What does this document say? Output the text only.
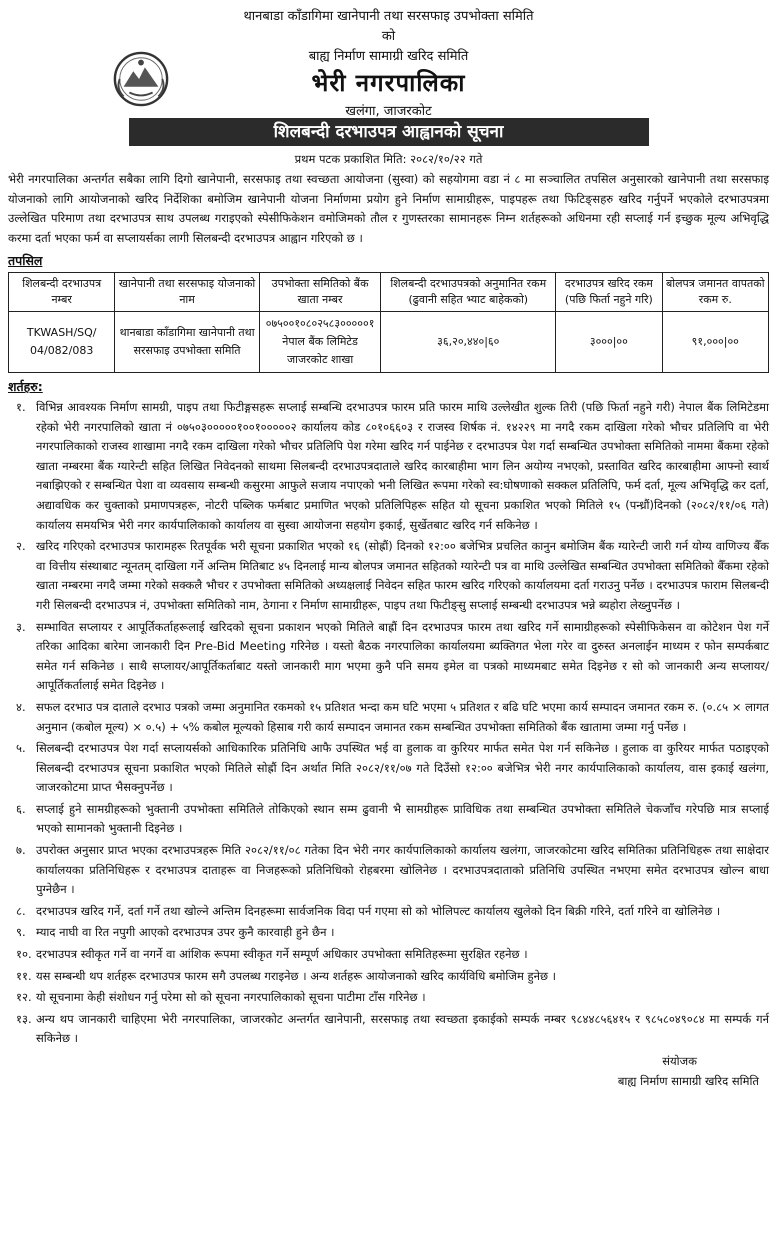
थानबाडा काँडागिमा खानेपानी तथा सरसफाइ उपभोक्ता समिति
को
बाह्य निर्माण सामाग्री खरिद समिति
भेरी नगरपालिका
खलंगा, जाजरकोट
शिलबन्दी दरभाउपत्र आह्वानको सूचना
प्रथम पटक प्रकाशित मिति: २०८२/१०/२२ गते
भेरी नगरपालिका अन्तर्गत सबैका लागि दिगो खानेपानी, सरसफाइ तथा स्वच्छता आयोजना (सुस्वा) को सहयोगमा वडा नं ८ मा सञ्चालित तपसिल अनुसारको खानेपानी तथा सरसफाइ योजनाको लागि आयोजनाको खरिद निर्देशिका बमोजिम खानेपानी योजना निर्माणमा प्रयोग हुने निर्माण सामाग्रीहरू, पाइपहरू तथा फिटिङ्सहरु खरिद गर्नुपर्ने भएकोले दरभाउपत्रमा उल्लेखित परिमाण तथा दरभाउपत्र साथ उपलब्ध गराइएको स्पेसीफिकेशन वमोजिमको तौल र गुणस्तरका सामानहरू निम्न शर्तहरूको अधिनमा रही सप्लाई गर्न इच्छुक मूल्य अभिवृद्धि करमा दर्ता भएका फर्म वा सप्लायर्सका लागी सिलबन्दी दरभाउपत्र आह्वान गरिएको छ ।
तपसिल
शिलबन्दी दरभाउपत्र नम्बर	खानेपानी तथा सरसफाइ योजनाको नाम	उपभोक्ता समितिको बैंक खाता नम्बर	शिलबन्दी दरभाउपत्रको अनुमानित रकम (ढुवानी सहित भ्याट बाहेकको)	दरभाउपत्र खरिद रकम (पछि फिर्ता नहुने गरि)	बोलपत्र जमानत वापतको रकम रु.
TKWASH/SQ/ 04/082/083	थानबाडा काँडागिमा खानेपानी तथा सरसफाइ उपभोक्ता समिति	०७५००१०८०२५८३०००००१ नेपाल बैंक लिमिटेड जाजरकोट शाखा	३६,२०,४४०|६०	३०००|००	९१,०००|००
शर्तहरु:
१. विभिन्न आवश्यक निर्माण सामग्री, पाइप तथा फिटीङ्गसहरू सप्लाई सम्बन्धि दरभाउपत्र फारम प्रति फारम माथि उल्लेखीत शुल्क तिरी (पछि फिर्ता नहुने गरी) नेपाल बैंक लिमिटेडमा रहेको भेरी नगरपालिको खाता नं ०७५०३०००००१००१०००००२ कार्यालय कोड ८०१०६६०३ र राजस्व शिर्षक नं. १४२२९ मा नगदै रकम दाखिला गरेको भौचर प्रतिलिपि वा भेरी नगरपालिकाको राजस्व शाखामा नगदै रकम दाखिला गरेको भौचर प्रतिलिपि पेश गरेमा खरिद गर्न पाईनेछ र दरभाउपत्र पेश गर्दा सम्बन्धित उपभोक्ता समितिको नाममा बैंकमा रहेको खाता नम्बरमा बैंक ग्यारेन्टी सहित लिखित निवेदनको साथमा सिलबन्दी दरभाउपत्रदाताले खरिद कारबाहीमा भाग लिन अयोग्य नभएको, प्रस्तावित खरिद कारबाहीमा आफ्नो स्वार्थ नबाझिएको र सम्बन्धित पेशा वा व्यवसाय सम्बन्धी कसुरमा आफुले सजाय नपाएको भनी लिखित रूपमा गरेको स्व:घोषणाको सक्कल प्रतिलिपि, फर्म दर्ता, मूल्य अभिवृद्धि कर दर्ता, अद्यावधिक कर चुक्ताको प्रमाणपत्रहरू, नोटरी पब्लिक फर्मबाट प्रमाणित भएको प्रतिलिपिहरू सहित यो सूचना प्रकाशित भएको मितिले १५ (पन्ध्रौं)दिनको (२०८२/११/०६ गते) कार्यालय समयभित्र भेरी नगर कार्यपालिकाको कार्यालय वा सुस्वा आयोजना सहयोग इकाई, सुर्खेतबाट खरिद गर्न सकिनेछ ।
२. खरिद गरिएको दरभाउपत्र फारामहरू रितपूर्वक भरी सूचना प्रकाशित भएको १६ (सोह्रौं) दिनको १२:०० बजेभित्र प्रचलित कानुन बमोजिम बैंक ग्यारेन्टी जारी गर्न योग्य वाणिज्य बैँक वा वित्तीय संस्थाबाट न्यूनतम् दाखिला गर्ने अन्तिम मितिबाट ४५ दिनलाई मान्य बोलपत्र जमानत सहितको ग्यारेन्टी पत्र वा माथि उल्लेखित सम्बन्धित उपभोक्ता समितिको बैँकमा रहेको खाता नम्बरमा नगदै जम्मा गरेको सक्कलै भौचर र उपभोक्ता समितिको अध्यक्षलाई निवेदन सहित फारम खरिद गरिएको कार्यालयमा दर्ता गराउनु पर्नेछ । दरभाउपत्र फाराम सिलबन्दी गरी सिलबन्दी दरभाउपत्र नं, उपभोक्ता समितिको नाम, ठेगाना र निर्माण सामाग्रीहरू, पाइप तथा फिटीङ्सु सप्लाई सम्बन्धी दरभाउपत्र भन्ने ब्यहोरा लेख्नुपर्नेछ ।
३. सम्भावित सप्लायर र आपूर्तिकर्ताहरूलाई खरिदको सूचना प्रकाशन भएको मितिले बाह्रौं दिन दरभाउपत्र फारम तथा खरिद गर्ने सामाग्रीहरूको स्पेसीफिकेसन वा कोटेशन पेश गर्ने तरिका आदिका बारेमा जानकारी दिन Pre-Bid Meeting गरिनेछ । यस्तो बैठक नगरपालिका कार्यालयमा ब्यक्तिगत भेला गरेर वा दुरुस्त अनलाईन माध्यम र फोन सम्पर्कबाट समेत गर्न सकिनेछ । साथै सप्लायर/आपूर्तिकर्ताबाट यस्तो जानकारी माग भएमा कुनै पनि समय इमेल वा पत्रको माध्यमबाट समेत दिइनेछ र सो को जानकारी अन्य सप्लायर/आपूर्तिकर्तालाई समेत दिइनेछ ।
४. सफल दरभाउ पत्र दाताले दरभाउ पत्रको जम्मा अनुमानित रकमको १५ प्रतिशत भन्दा कम घटि भएमा ५ प्रतिशत र बढि घटि भएमा कार्य सम्पादन जमानत रकम रु. (०.८५ × लागत अनुमान (कबोल मूल्य) × ०.५) + ५% कबोल मूल्यको हिसाब गरी कार्य सम्पादन जमानत रकम सम्बन्धित उपभोक्ता समितिको बैंक खातामा जम्मा गर्नु पर्नेछ ।
५. सिलबन्दी दरभाउपत्र पेश गर्दा सप्लायर्सको आधिकारिक प्रतिनिधि आफै उपस्थित भई वा हुलाक वा कुरियर मार्फत समेत पेश गर्न सकिनेछ । हुलाक वा कुरियर मार्फत पठाइएको सिलबन्दी दरभाउपत्र सूचना प्रकाशित भएको मितिले सोह्रौं दिन अर्थात मिति २०८२/११/०७ गते दिउँसो १२:०० बजेभित्र भेरी नगर कार्यपालिकाको कार्यालय, वास इकाई खलंगा, जाजरकोटमा प्राप्त भैसक्नुपर्नेछ ।
६. सप्लाई हुने सामग्रीहरूको भुक्तानी उपभोक्ता समितिले तोकिएको स्थान सम्म ढुवानी भै सामग्रीहरू प्राविधिक तथा सम्बन्धित उपभोक्ता समितिले चेकजाँच गरेपछि मात्र सप्लाई भएको सामानको भुक्तानी दिइनेछ ।
७. उपरोक्त अनुसार प्राप्त भएका दरभाउपत्रहरू मिति २०८२/११/०८ गतेका दिन भेरी नगर कार्यपालिकाको कार्यालय खलंगा, जाजरकोटमा खरिद समितिका प्रतिनिधिहरू तथा साक्षेदार कार्यालयका प्रतिनिधिहरू र दरभाउपत्र दाताहरू वा निजहरूको प्रतिनिधिको रोहबरमा खोलिनेछ । दरभाउपत्रदाताको प्रतिनिधि उपस्थित नभएमा समेत दरभाउपत्र खोल्न बाधा पुग्नेछैन ।
८. दरभाउपत्र खरिद गर्ने, दर्ता गर्ने तथा खोल्ने अन्तिम दिनहरूमा सार्वजनिक विदा पर्न गएमा सो को भोलिपल्ट कार्यालय खुलेको दिन बिक्री गरिने, दर्ता गरिने वा खोलिनेछ ।
९. म्याद नाघी वा रित नपुगी आएको दरभाउपत्र उपर कुनै कारवाही हुने छैन ।
१०. दरभाउपत्र स्वीकृत गर्ने वा नगर्ने वा आंशिक रूपमा स्वीकृत गर्ने सम्पूर्ण अधिकार उपभोक्ता समितिहरूमा सुरक्षित रहनेछ ।
११. यस सम्बन्धी थप शर्तहरू दरभाउपत्र फारम सगै उपलब्ध गराइनेछ । अन्य शर्तहरू आयोजनाको खरिद कार्यविधि बमोजिम हुनेछ ।
१२. यो सूचनामा केही संशोधन गर्नु परेमा सो को सूचना नगरपालिकाको सूचना पाटीमा टाँस गरिनेछ ।
१३. अन्य थप जानकारी चाहिएमा भेरी नगरपालिका, जाजरकोट अन्तर्गत खानेपानी, सरसफाइ तथा स्वच्छता इकाईको सम्पर्क नम्बर ९८४४८५६४१५ र ९८५८०४९०८४ मा सम्पर्क गर्न सकिनेछ ।
संयोजक
बाह्य निर्माण सामाग्री खरिद समिति
